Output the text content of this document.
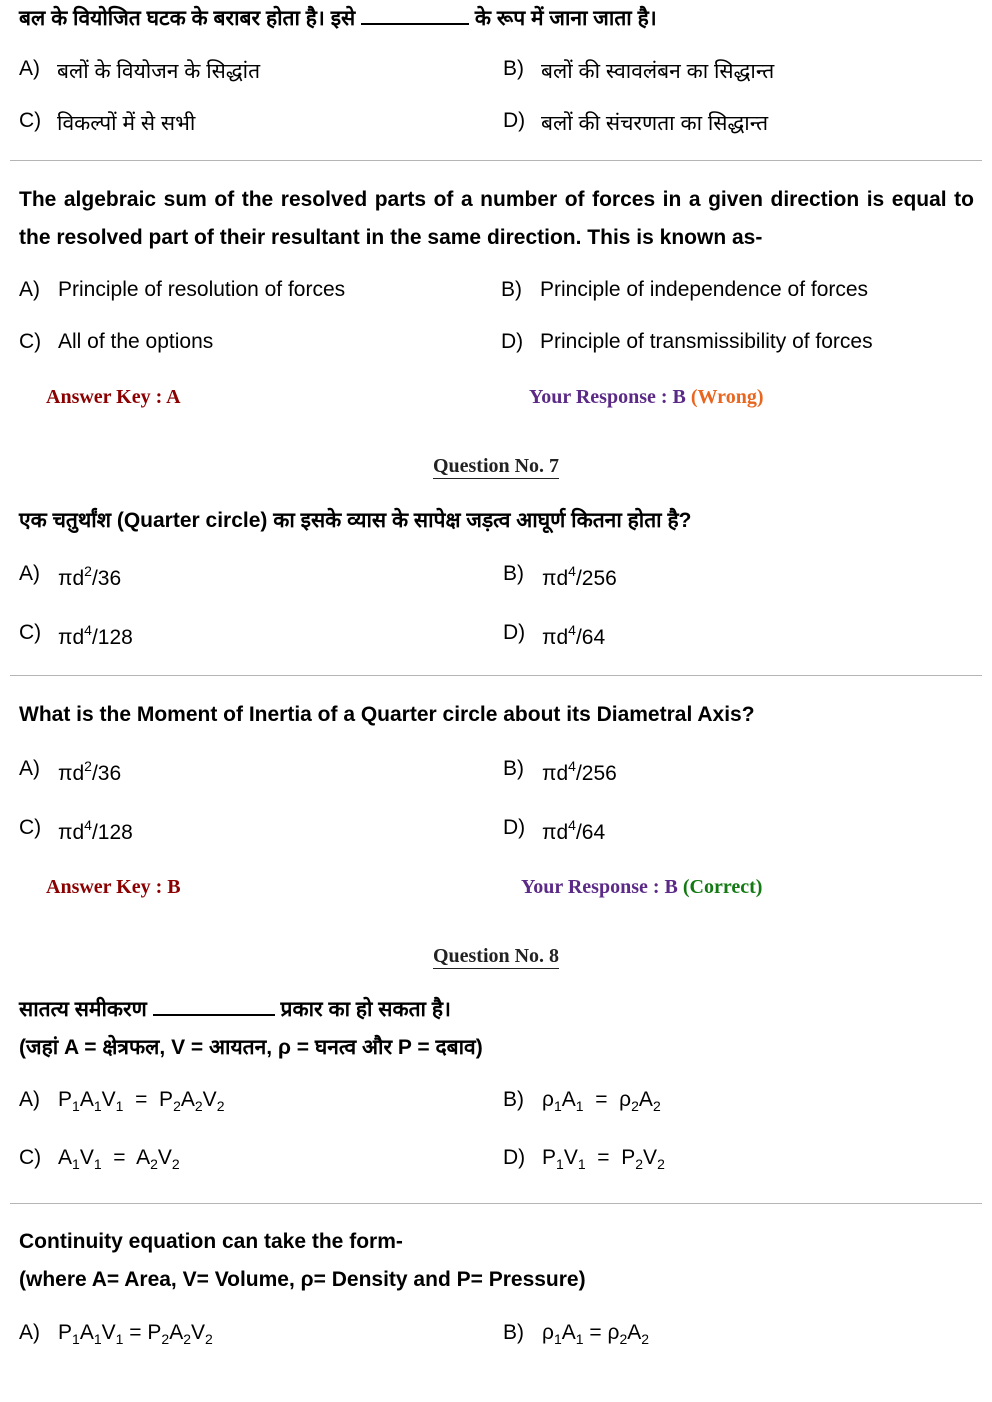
बल के वियोजित घटक के बराबर होता है। इसे	के रूप में जाना जाता है।
A) बलों के वियोजन के सिद्धांत	B) बलों की स्वावलंबन का सिद्धान्त
C) विकल्पों में से सभी	D) बलों की संचरणता का सिद्धान्त
The algebraic sum of the resolved parts of a number of forces in a given direction is equal to
the resolved part of their resultant in the same direction. This is known as-
A) Principle of resolution of forces	B) Principle of independence of forces
C) All of the options	D) Principle of transmissibility of forces
Answer Key : A	Your Response : B (Wrong)
Question No. 7
एक चतुर्थांश (Quarter circle) का इसके व्यास के सापेक्ष जड़त्व आघूर्ण कितना होता है?
A) $\pi d^2/36$	B) $\pi d^4/256$
C) $\pi d^4/128$	D) $\pi d^4/64$
What is the Moment of Inertia of a Quarter circle about its Diametral Axis?
A) $\pi d^2/36$	B) $\pi d^4/256$
C) $\pi d^4/128$	D) $\pi d^4/64$
Answer Key : B	Your Response : B (Correct)
Question No. 8
सातत्य समीकरण	प्रकार का हो सकता है।
(जहां A = क्षेत्रफल, V = आयतन, ρ = घनत्व और P = दबाव)
A) $P_1A_1V_1 = P_2A_2V_2$	B) $\rho_1A_1 = \rho_2A_2$
C) $A_1V_1 = A_2V_2$	D) $P_1V_1 = P_2V_2$
Continuity equation can take the form-
(where A= Area, V= Volume, ρ= Density and P= Pressure)
A) $P_1A_1V_1 = P_2A_2V_2$	B) $\rho_1A_1 = \rho_2A_2$
